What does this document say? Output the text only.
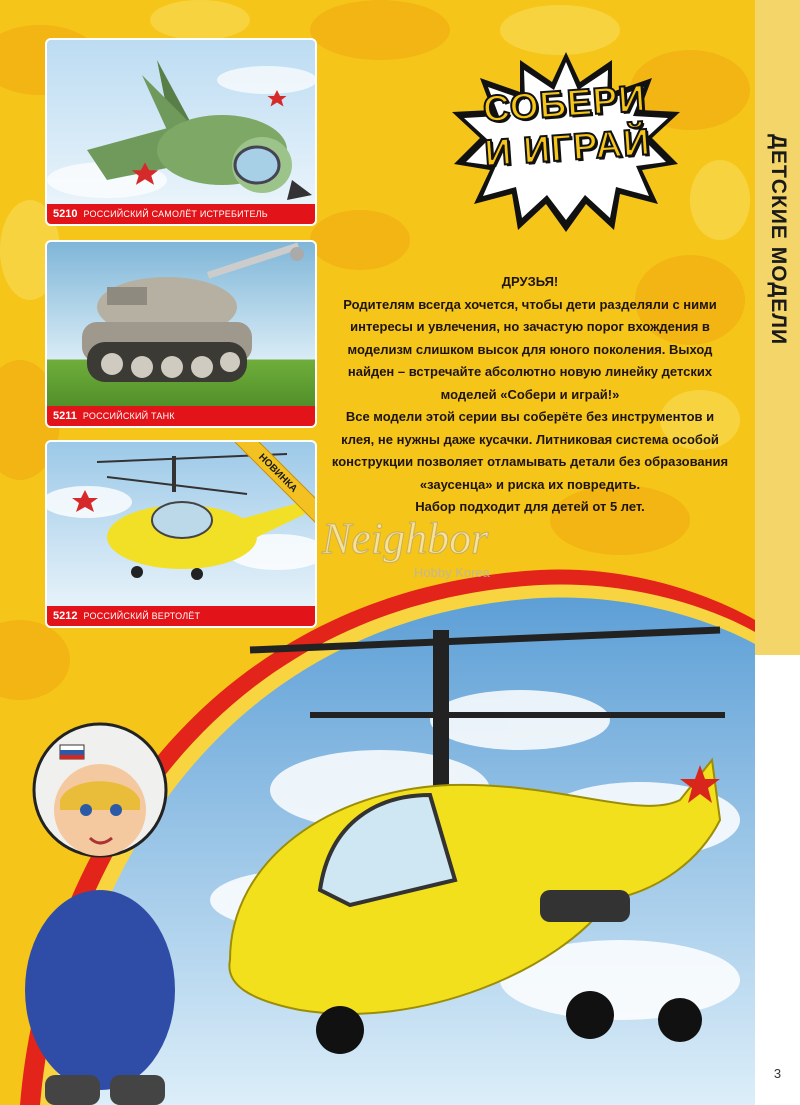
ДЕТСКИЕ МОДЕЛИ
3
5210 РОССИЙСКИЙ САМОЛЁТ ИСТРЕБИТЕЛЬ
5211 РОССИЙСКИЙ ТАНК
НОВИНКА
5212 РОССИЙСКИЙ ВЕРТОЛЁТ
СОБЕРИ
И ИГРАЙ
ДРУЗЬЯ!
Родителям всегда хочется, чтобы дети разделяли с ними интересы и увлечения, но зачастую порог вхождения в моделизм слишком высок для юного поколения. Выход найден – встречайте абсолютно новую линейку детских моделей «Собери и играй!»
Все модели этой серии вы соберёте без инструментов и клея, не нужны даже кусачки. Литниковая система особой конструкции позволяет отламывать детали без образования «заусенца» и риска их повредить.
Набор подходит для детей от 5 лет.
Neighbor
Hobby Korea
